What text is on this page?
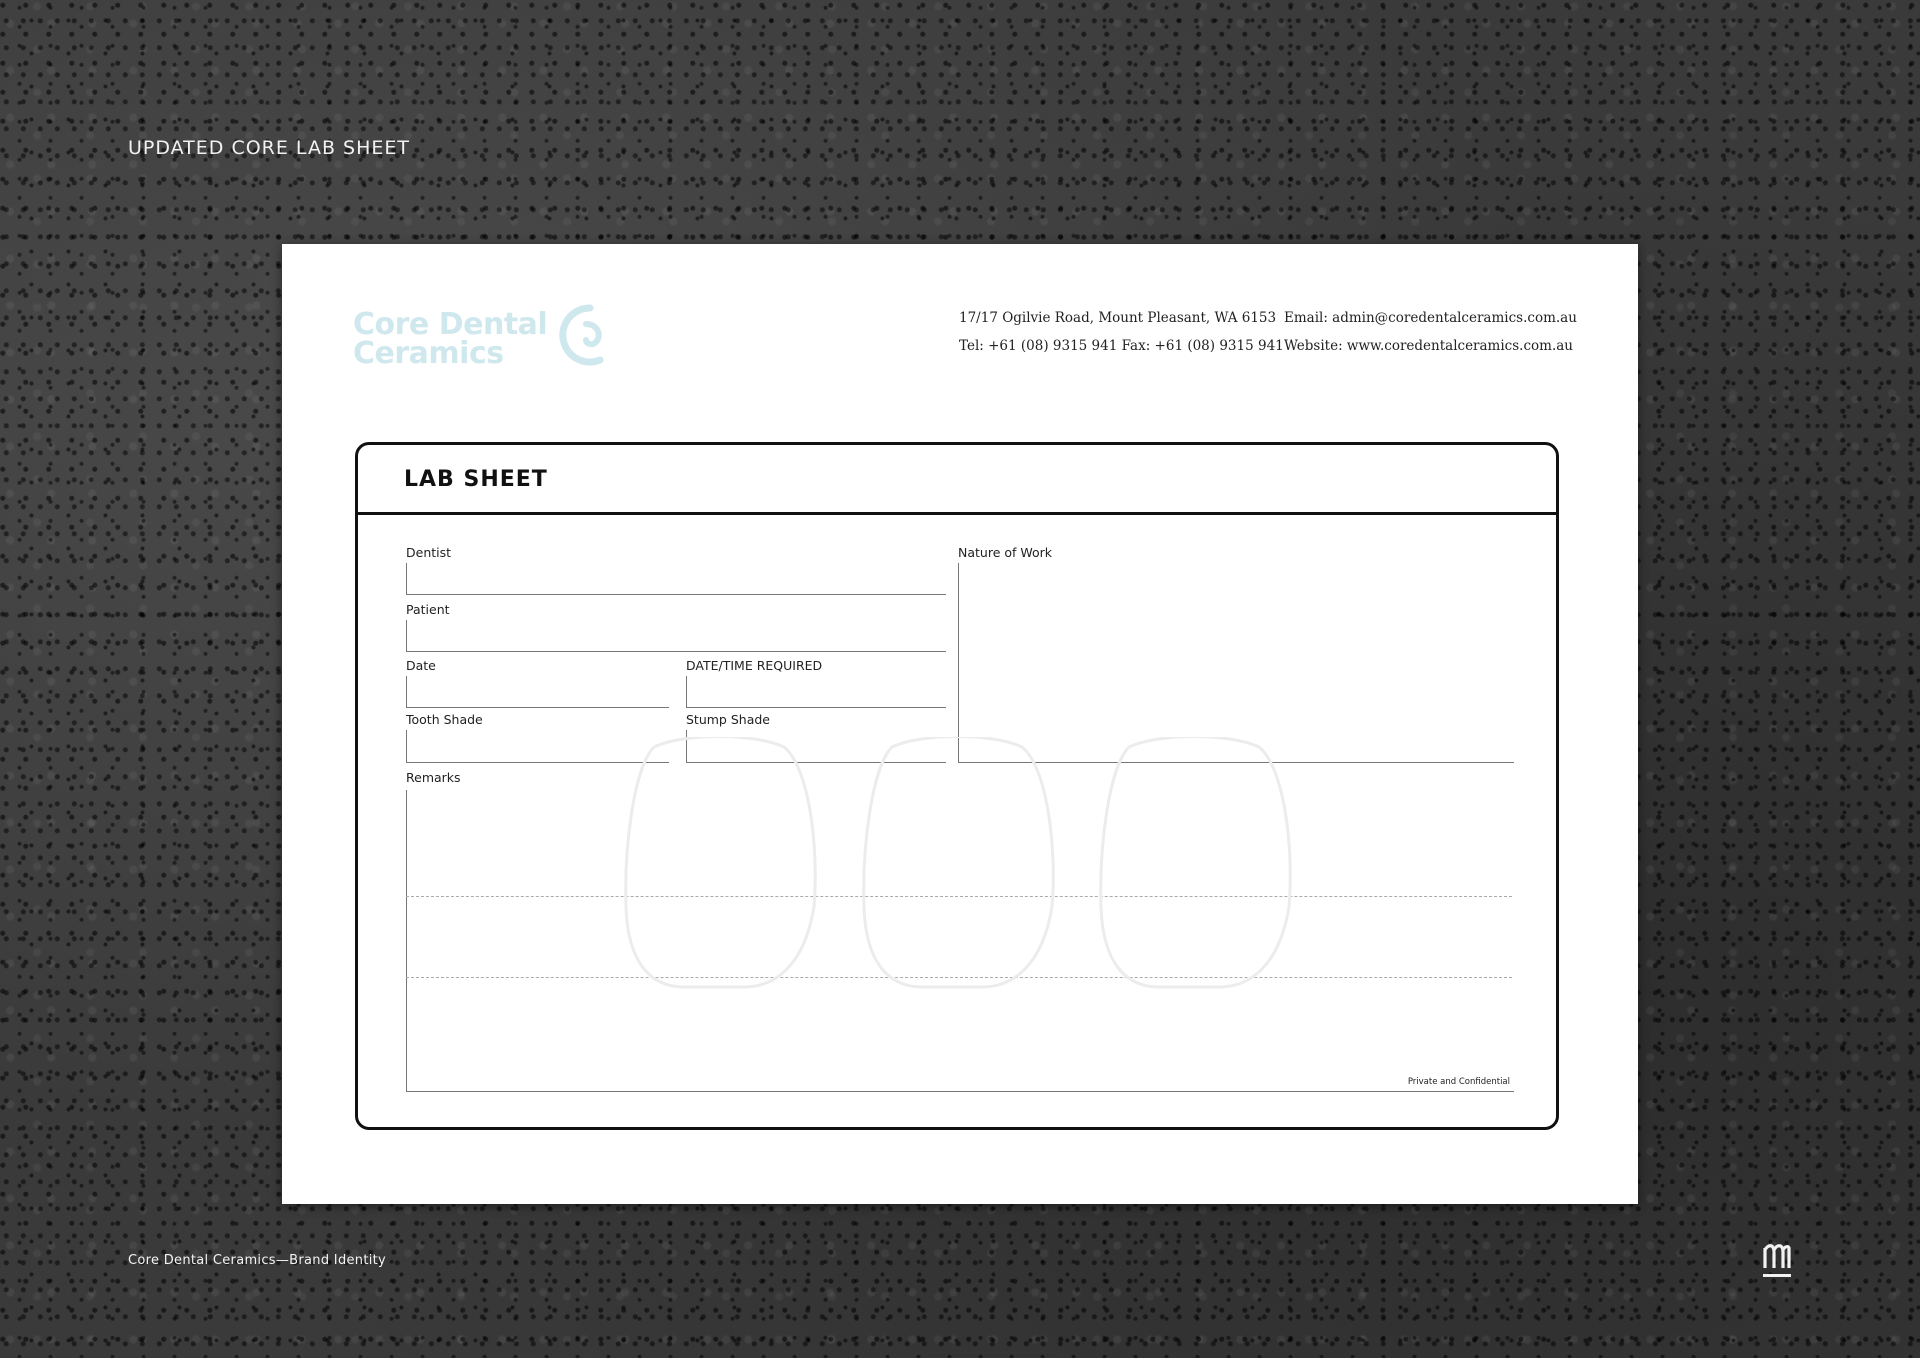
UPDATED CORE LAB SHEET
Core Dental
Ceramics
17/17 Ogilvie Road, Mount Pleasant, WA 6153
Tel: +61 (08) 9315 941 Fax: +61 (08) 9315 941
Email: admin@coredentalceramics.com.au
Website: www.coredentalceramics.com.au
LAB SHEET
Dentist
Patient
Date	DATE/TIME REQUIRED
Tooth Shade	Stump Shade
Nature of Work
Remarks
Private and Confidential
Core Dental Ceramics—Brand Identity
